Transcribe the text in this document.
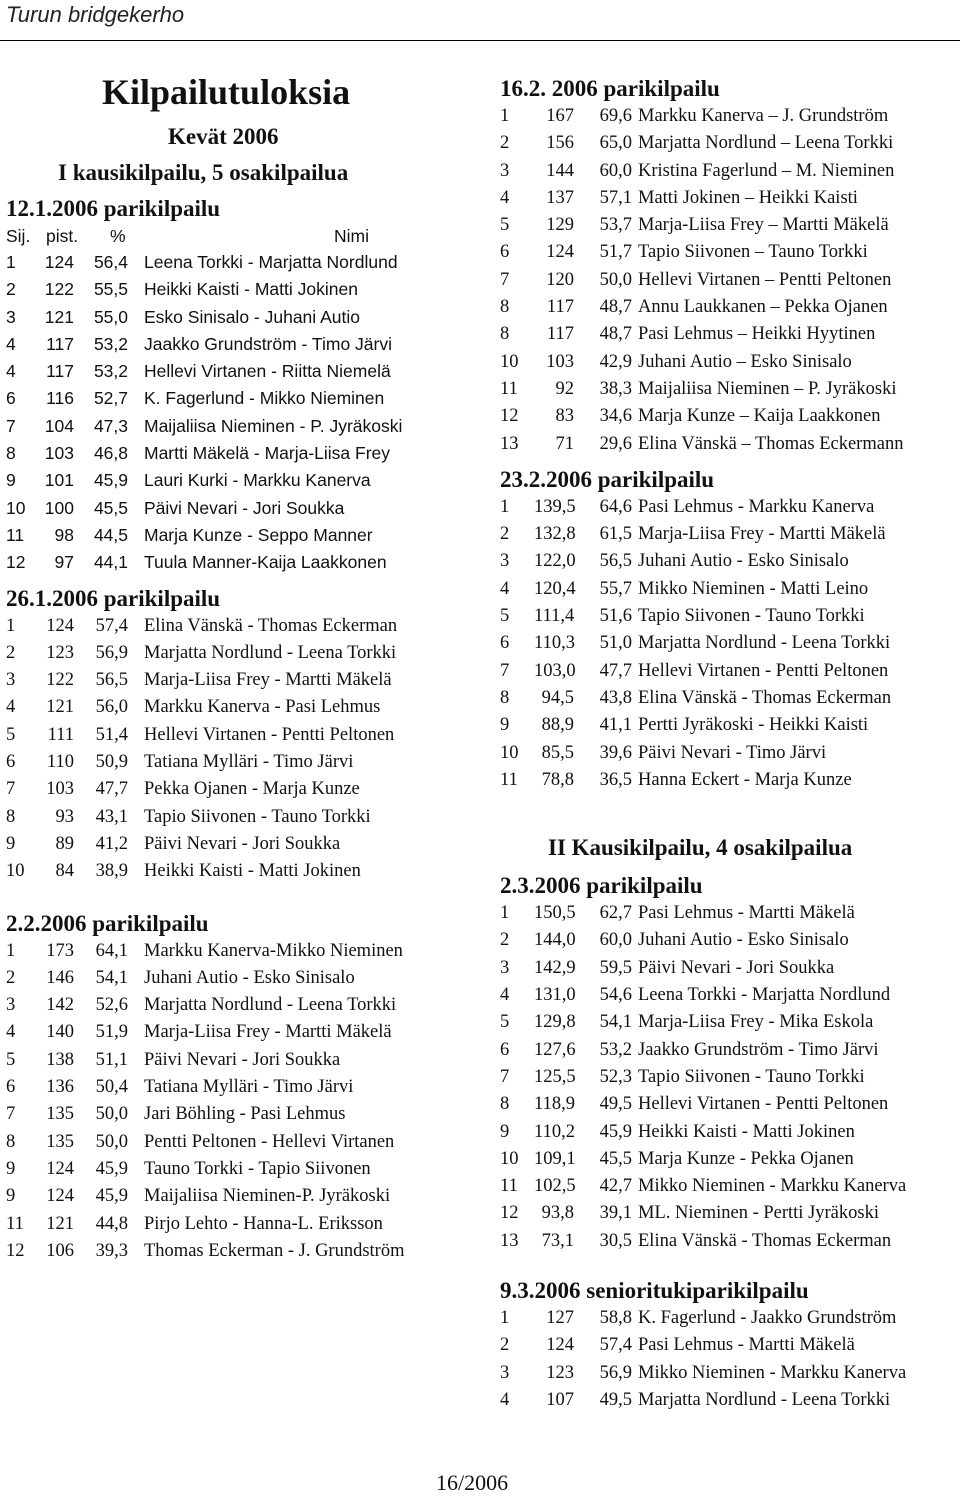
Turun bridgekerho
Kilpailutuloksia
Kevät 2006
I kausikilpailu, 5 osakilpailua
12.1.2006 parikilpailu
Sij. pist. %	Nimi
1 124	56,4 Leena Torkki - Marjatta Nordlund
2 122	55,5 Heikki Kaisti - Matti Jokinen
3 121	55,0 Esko Sinisalo - Juhani Autio
4	117	53,2 Jaakko Grundström - Timo Järvi
4	117	53,2 Hellevi Virtanen - Riitta Niemelä
6	116	52,7 K. Fagerlund - Mikko Nieminen
7 104	47,3 Maijaliisa Nieminen - P. Jyräkoski
8 103	46,8 Martti Mäkelä - Marja-Liisa Frey
9 101	45,9 Lauri Kurki - Markku Kanerva
10 100	45,5 Päivi Nevari - Jori Soukka
11	98	44,5 Marja Kunze - Seppo Manner
12	97	44,1 Tuula Manner-Kaija Laakkonen
26.1.2006 parikilpailu
1	124	57,4 Elina Vänskä - Thomas Eckerman
2	123	56,9 Marjatta Nordlund - Leena Torkki
3	122	56,5 Marja-Liisa Frey - Martti Mäkelä
4	121	56,0 Markku Kanerva - Pasi Lehmus
5	111	51,4 Hellevi Virtanen - Pentti Peltonen
6	110	50,9 Tatiana Mylläri - Timo Järvi
7	103	47,7 Pekka Ojanen - Marja Kunze
8	93	43,1 Tapio Siivonen - Tauno Torkki
9	89	41,2 Päivi Nevari - Jori Soukka
10	84	38,9 Heikki Kaisti - Matti Jokinen
2.2.2006 parikilpailu
1	173	64,1 Markku Kanerva-Mikko Nieminen
2	146	54,1 Juhani Autio - Esko Sinisalo
3	142	52,6 Marjatta Nordlund - Leena Torkki
4	140	51,9 Marja-Liisa Frey - Martti Mäkelä
5	138	51,1 Päivi Nevari - Jori Soukka
6	136	50,4 Tatiana Mylläri - Timo Järvi
7	135	50,0 Jari Böhling - Pasi Lehmus
8	135	50,0 Pentti Peltonen - Hellevi Virtanen
9	124	45,9 Tauno Torkki - Tapio Siivonen
9	124	45,9 Maijaliisa Nieminen-P. Jyräkoski
11	121	44,8 Pirjo Lehto - Hanna-L. Eriksson
12	106	39,3 Thomas Eckerman - J. Grundström
16.2. 2006 parikilpailu
1	167	69,6 Markku Kanerva – J. Grundström
2	156	65,0 Marjatta Nordlund – Leena Torkki
3	144	60,0 Kristina Fagerlund – M. Nieminen
4	137	57,1 Matti Jokinen – Heikki Kaisti
5	129	53,7 Marja-Liisa Frey – Martti Mäkelä
6	124	51,7 Tapio Siivonen – Tauno Torkki
7	120	50,0 Hellevi Virtanen – Pentti Peltonen
8	117	48,7 Annu Laukkanen – Pekka Ojanen
8	117	48,7 Pasi Lehmus – Heikki Hyytinen
10	103	42,9 Juhani Autio – Esko Sinisalo
11	92	38,3 Maijaliisa Nieminen – P. Jyräkoski
12	83	34,6 Marja Kunze – Kaija Laakkonen
13	71	29,6 Elina Vänskä – Thomas Eckermann
23.2.2006 parikilpailu
1 139,5	64,6 Pasi Lehmus - Markku Kanerva
2 132,8	61,5 Marja-Liisa Frey - Martti Mäkelä
3 122,0	56,5 Juhani Autio - Esko Sinisalo
4 120,4	55,7 Mikko Nieminen - Matti Leino
5 111,4	51,6 Tapio Siivonen - Tauno Torkki
6 110,3	51,0 Marjatta Nordlund - Leena Torkki
7 103,0	47,7 Hellevi Virtanen - Pentti Peltonen
8	94,5	43,8 Elina Vänskä - Thomas Eckerman
9	88,9	41,1 Pertti Jyräkoski - Heikki Kaisti
10	85,5	39,6 Päivi Nevari - Timo Järvi
11	78,8	36,5 Hanna Eckert - Marja Kunze
II Kausikilpailu, 4 osakilpailua
2.3.2006 parikilpailu
1 150,5	62,7 Pasi Lehmus - Martti Mäkelä
2 144,0	60,0 Juhani Autio - Esko Sinisalo
3 142,9	59,5 Päivi Nevari - Jori Soukka
4 131,0	54,6 Leena Torkki - Marjatta Nordlund
5 129,8	54,1 Marja-Liisa Frey - Mika Eskola
6 127,6	53,2 Jaakko Grundström - Timo Järvi
7 125,5	52,3 Tapio Siivonen - Tauno Torkki
8 118,9	49,5 Hellevi Virtanen - Pentti Peltonen
9 110,2	45,9 Heikki Kaisti - Matti Jokinen
10 109,1	45,5 Marja Kunze - Pekka Ojanen
11 102,5	42,7 Mikko Nieminen - Markku Kanerva
12	93,8	39,1 ML. Nieminen - Pertti Jyräkoski
13	73,1	30,5 Elina Vänskä - Thomas Eckerman
9.3.2006 senioritukiparikilpailu
1	127	58,8 K. Fagerlund - Jaakko Grundström
2	124	57,4 Pasi Lehmus - Martti Mäkelä
3	123	56,9 Mikko Nieminen - Markku Kanerva
4	107	49,5 Marjatta Nordlund - Leena Torkki
16/2006
